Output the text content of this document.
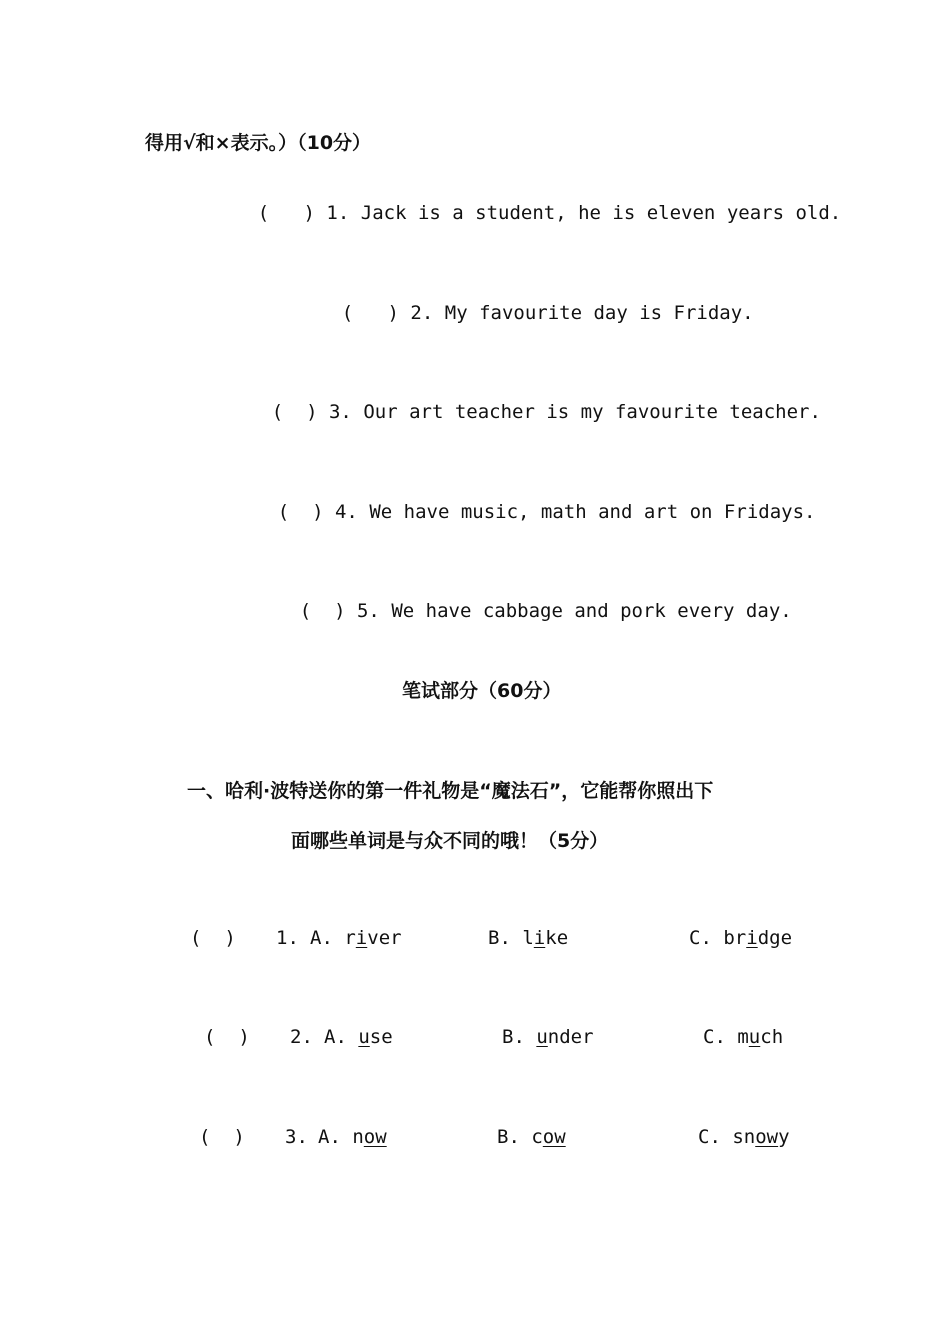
得用√和×表示。）（10分）

(   ) 1. Jack is a student, he is eleven years old.

(   ) 2. My favourite day is Friday.

(  ) 3. Our art teacher is my favourite teacher.

(  ) 4. We have music, math and art on Fridays.

(  ) 5. We have cabbage and pork every day.

笔试部分（60分）
一、哈利·波特送你的第一件礼物是“魔法石”，它能帮你照出下
面哪些单词是与众不同的哦！（5分）
(  ) 1. A. river	B. like	C. bridge
(  ) 2. A. use	B. under	C. much
(  ) 3. A. now	B. cow	C. snowy
